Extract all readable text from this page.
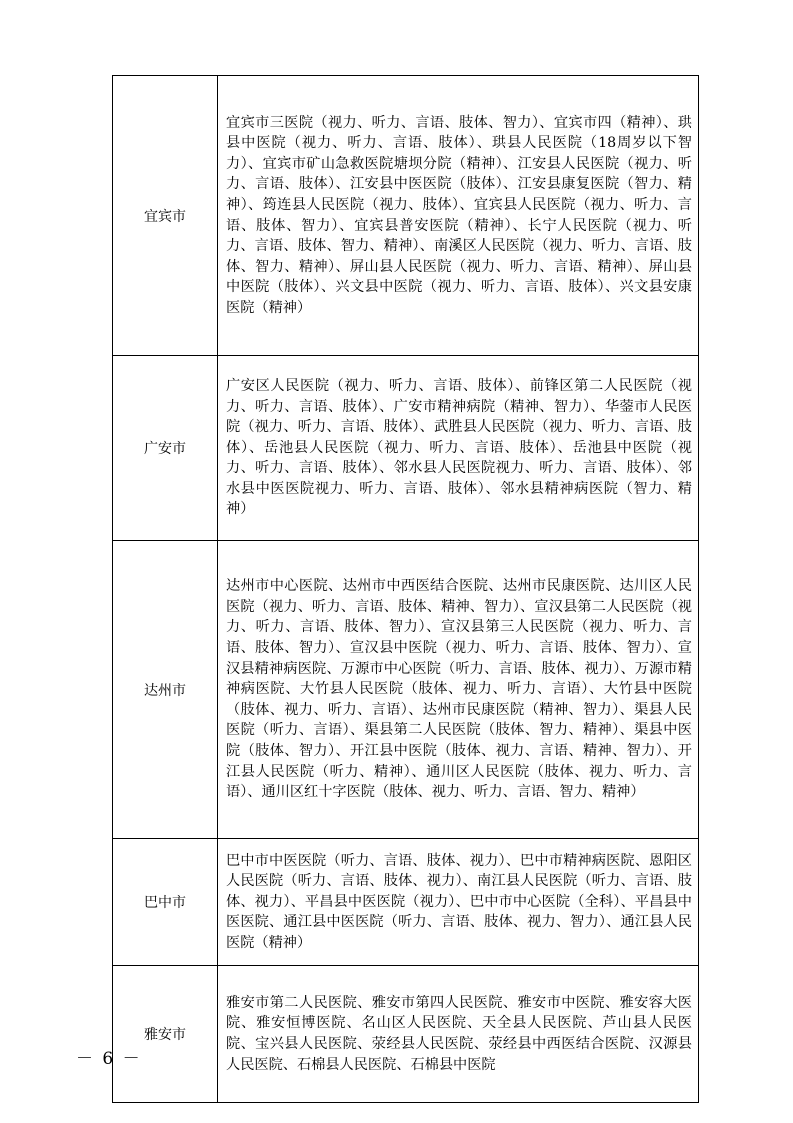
宜宾市	宜宾市三医院（视力、听力、言语、肢体、智力）、宜宾市四（精神）、珙县中医院（视力、听力、言语、肢体）、珙县人民医院（18周岁以下智力）、宜宾市矿山急救医院塘坝分院（精神）、江安县人民医院（视力、听力、言语、肢体）、江安县中医医院（肢体）、江安县康复医院（智力、精神）、筠连县人民医院（视力、肢体）、宜宾县人民医院（视力、听力、言语、肢体、智力）、宜宾县普安医院（精神）、长宁人民医院（视力、听力、言语、肢体、智力、精神）、南溪区人民医院（视力、听力、言语、肢体、智力、精神）、屏山县人民医院（视力、听力、言语、精神）、屏山县中医院（肢体）、兴文县中医院（视力、听力、言语、肢体）、兴文县安康医院（精神）
广安市	广安区人民医院（视力、听力、言语、肢体）、前锋区第二人民医院（视力、听力、言语、肢体）、广安市精神病院（精神、智力）、华蓥市人民医院（视力、听力、言语、肢体）、武胜县人民医院（视力、听力、言语、肢体）、岳池县人民医院（视力、听力、言语、肢体）、岳池县中医院（视力、听力、言语、肢体）、邻水县人民医院视力、听力、言语、肢体）、邻水县中医医院视力、听力、言语、肢体）、邻水县精神病医院（智力、精神）
达州市	达州市中心医院、达州市中西医结合医院、达州市民康医院、达川区人民医院（视力、听力、言语、肢体、精神、智力）、宣汉县第二人民医院（视力、听力、言语、肢体、智力）、宣汉县第三人民医院（视力、听力、言语、肢体、智力）、宣汉县中医院（视力、听力、言语、肢体、智力）、宣汉县精神病医院、万源市中心医院（听力、言语、肢体、视力）、万源市精神病医院、大竹县人民医院（肢体、视力、听力、言语）、大竹县中医院（肢体、视力、听力、言语）、达州市民康医院（精神、智力）、渠县人民医院（听力、言语）、渠县第二人民医院（肢体、智力、精神）、渠县中医院（肢体、智力）、开江县中医院（肢体、视力、言语、精神、智力）、开江县人民医院（听力、精神）、通川区人民医院（肢体、视力、听力、言语）、通川区红十字医院（肢体、视力、听力、言语、智力、精神）
巴中市	巴中市中医医院（听力、言语、肢体、视力）、巴中市精神病医院、恩阳区人民医院（听力、言语、肢体、视力）、南江县人民医院（听力、言语、肢体、视力）、平昌县中医医院（视力）、巴中市中心医院（全科）、平昌县中医医院、通江县中医医院（听力、言语、肢体、视力、智力）、通江县人民医院（精神）
雅安市	雅安市第二人民医院、雅安市第四人民医院、雅安市中医院、雅安容大医院、雅安恒博医院、名山区人民医院、天全县人民医院、芦山县人民医院、宝兴县人民医院、荥经县人民医院、荥经县中西医结合医院、汉源县人民医院、石棉县人民医院、石棉县中医院
－ 6 －
